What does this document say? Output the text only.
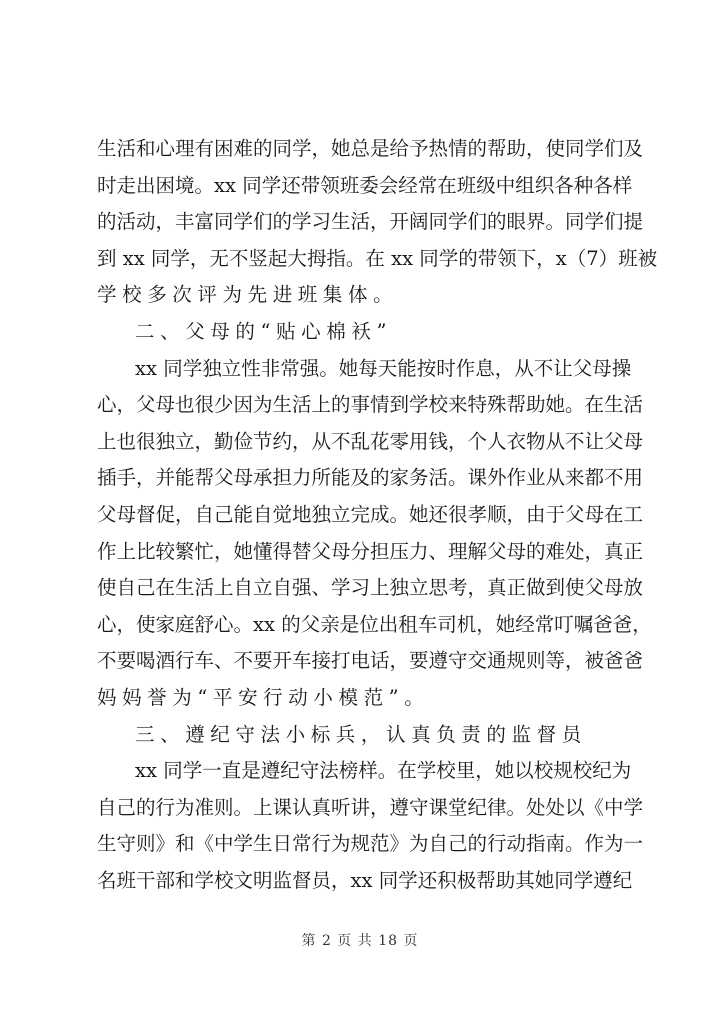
生活和心理有困难的同学，她总是给予热情的帮助，使同学们及
时走出困境。xx 同学还带领班委会经常在班级中组织各种各样
的活动，丰富同学们的学习生活，开阔同学们的眼界。同学们提
到 xx 同学，无不竖起大拇指。在 xx 同学的带领下，x（7）班被
学校多次评为先进班集体。
二、父母的“贴心棉袄”
xx 同学独立性非常强。她每天能按时作息，从不让父母操
心，父母也很少因为生活上的事情到学校来特殊帮助她。在生活
上也很独立，勤俭节约，从不乱花零用钱，个人衣物从不让父母
插手，并能帮父母承担力所能及的家务活。课外作业从来都不用
父母督促，自己能自觉地独立完成。她还很孝顺，由于父母在工
作上比较繁忙，她懂得替父母分担压力、理解父母的难处，真正
使自己在生活上自立自强、学习上独立思考，真正做到使父母放
心，使家庭舒心。xx 的父亲是位出租车司机，她经常叮嘱爸爸，
不要喝酒行车、不要开车接打电话，要遵守交通规则等，被爸爸
妈妈誉为“平安行动小模范”。
三、遵纪守法小标兵，认真负责的监督员
xx 同学一直是遵纪守法榜样。在学校里，她以校规校纪为
自己的行为准则。上课认真听讲，遵守课堂纪律。处处以《中学
生守则》和《中学生日常行为规范》为自己的行动指南。作为一
名班干部和学校文明监督员，xx 同学还积极帮助其她同学遵纪
第 2 页 共 18 页
